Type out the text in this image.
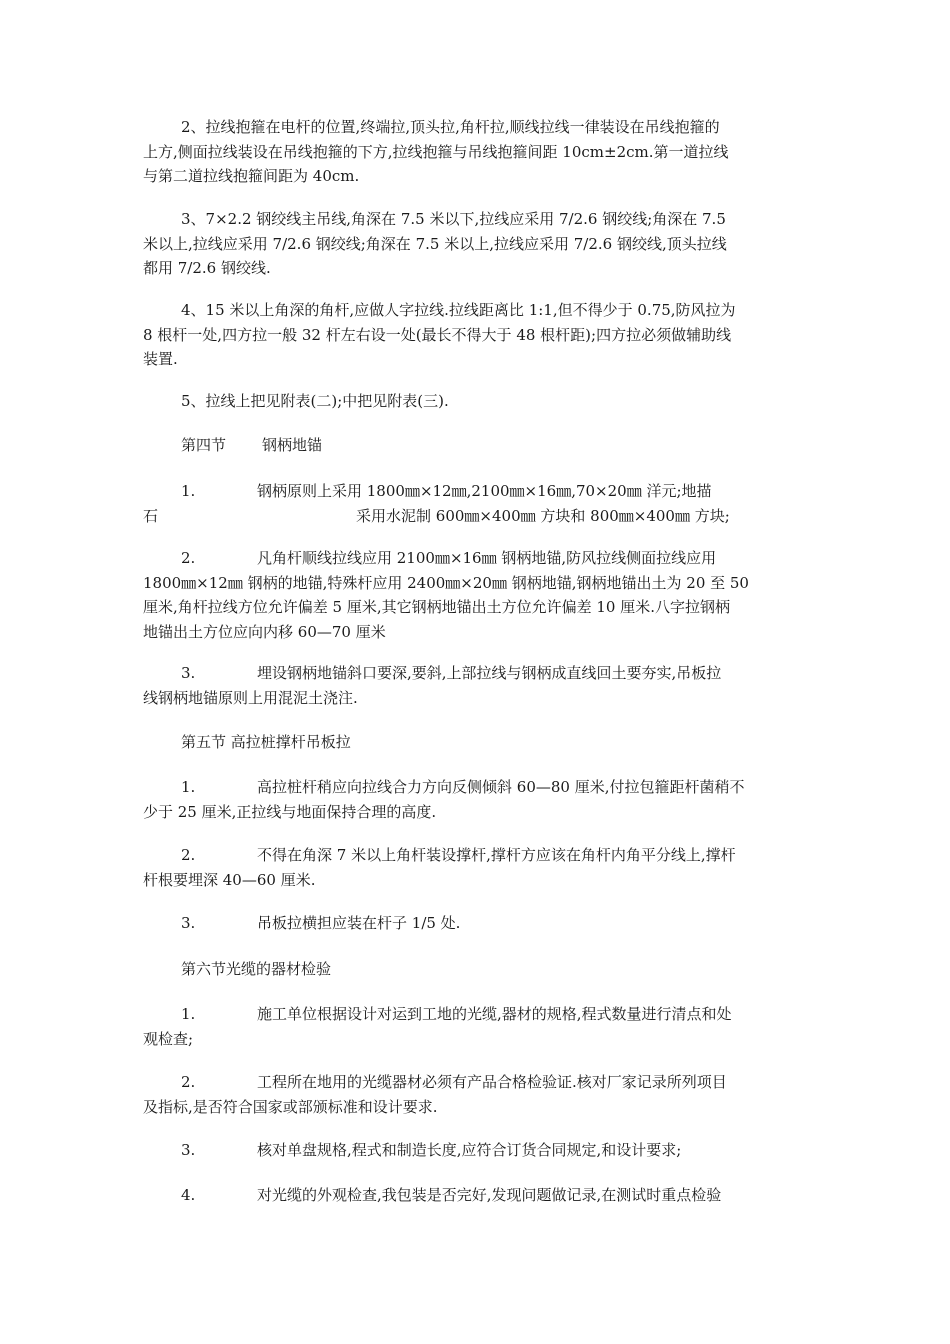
2、拉线抱箍在电杆的位置,终端拉,顶头拉,角杆拉,顺线拉线一律装设在吊线抱箍的
上方,侧面拉线装设在吊线抱箍的下方,拉线抱箍与吊线抱箍间距 10cm±2cm.第一道拉线
与第二道拉线抱箍间距为 40cm.
3、7×2.2 钢绞线主吊线,角深在 7.5 米以下,拉线应采用 7/2.6 钢绞线;角深在 7.5
米以上,拉线应采用 7/2.6 钢绞线;角深在 7.5 米以上,拉线应采用 7/2.6 钢绞线,顶头拉线
都用 7/2.6 钢绞线.
4、15 米以上角深的角杆,应做人字拉线.拉线距离比 1:1,但不得少于 0.75,防风拉为
8 根杆一处,四方拉一般 32 杆左右设一处(最长不得大于 48 根杆距);四方拉必须做辅助线
装置.
5、拉线上把见附表(二);中把见附表(三).
第四节 钢柄地锚
1.	钢柄原则上采用 1800㎜×12㎜,2100㎜×16㎜,70×20㎜ 洋元;地描
石	采用水泥制 600㎜×400㎜ 方块和 800㎜×400㎜ 方块;
2.	凡角杆顺线拉线应用 2100㎜×16㎜ 钢柄地锚,防风拉线侧面拉线应用
1800㎜×12㎜ 钢柄的地锚,特殊杆应用 2400㎜×20㎜ 钢柄地锚,钢柄地锚出土为 20 至 50
厘米,角杆拉线方位允许偏差 5 厘米,其它钢柄地锚出土方位允许偏差 10 厘米.八字拉钢柄
地锚出土方位应向内移 60—70 厘米
3.	埋设钢柄地锚斜口要深,要斜,上部拉线与钢柄成直线回土要夯实,吊板拉
线钢柄地锚原则上用混泥土浇注.
第五节 高拉桩撑杆吊板拉
1.	高拉桩杆稍应向拉线合力方向反侧倾斜 60—80 厘米,付拉包箍距杆菌稍不
少于 25 厘米,正拉线与地面保持合理的高度.
2.	不得在角深 7 米以上角杆装设撑杆,撑杆方应该在角杆内角平分线上,撑杆
杆根要埋深 40—60 厘米.
3.	吊板拉横担应装在杆子 1/5 处.
第六节光缆的器材检验
1.	施工单位根据设计对运到工地的光缆,器材的规格,程式数量进行清点和处
观检查;
2.	工程所在地用的光缆器材必须有产品合格检验证.核对厂家记录所列项目
及指标,是否符合国家或部颁标准和设计要求.
3.	核对单盘规格,程式和制造长度,应符合订货合同规定,和设计要求;
4.	对光缆的外观检查,我包装是否完好,发现问题做记录,在测试时重点检验
